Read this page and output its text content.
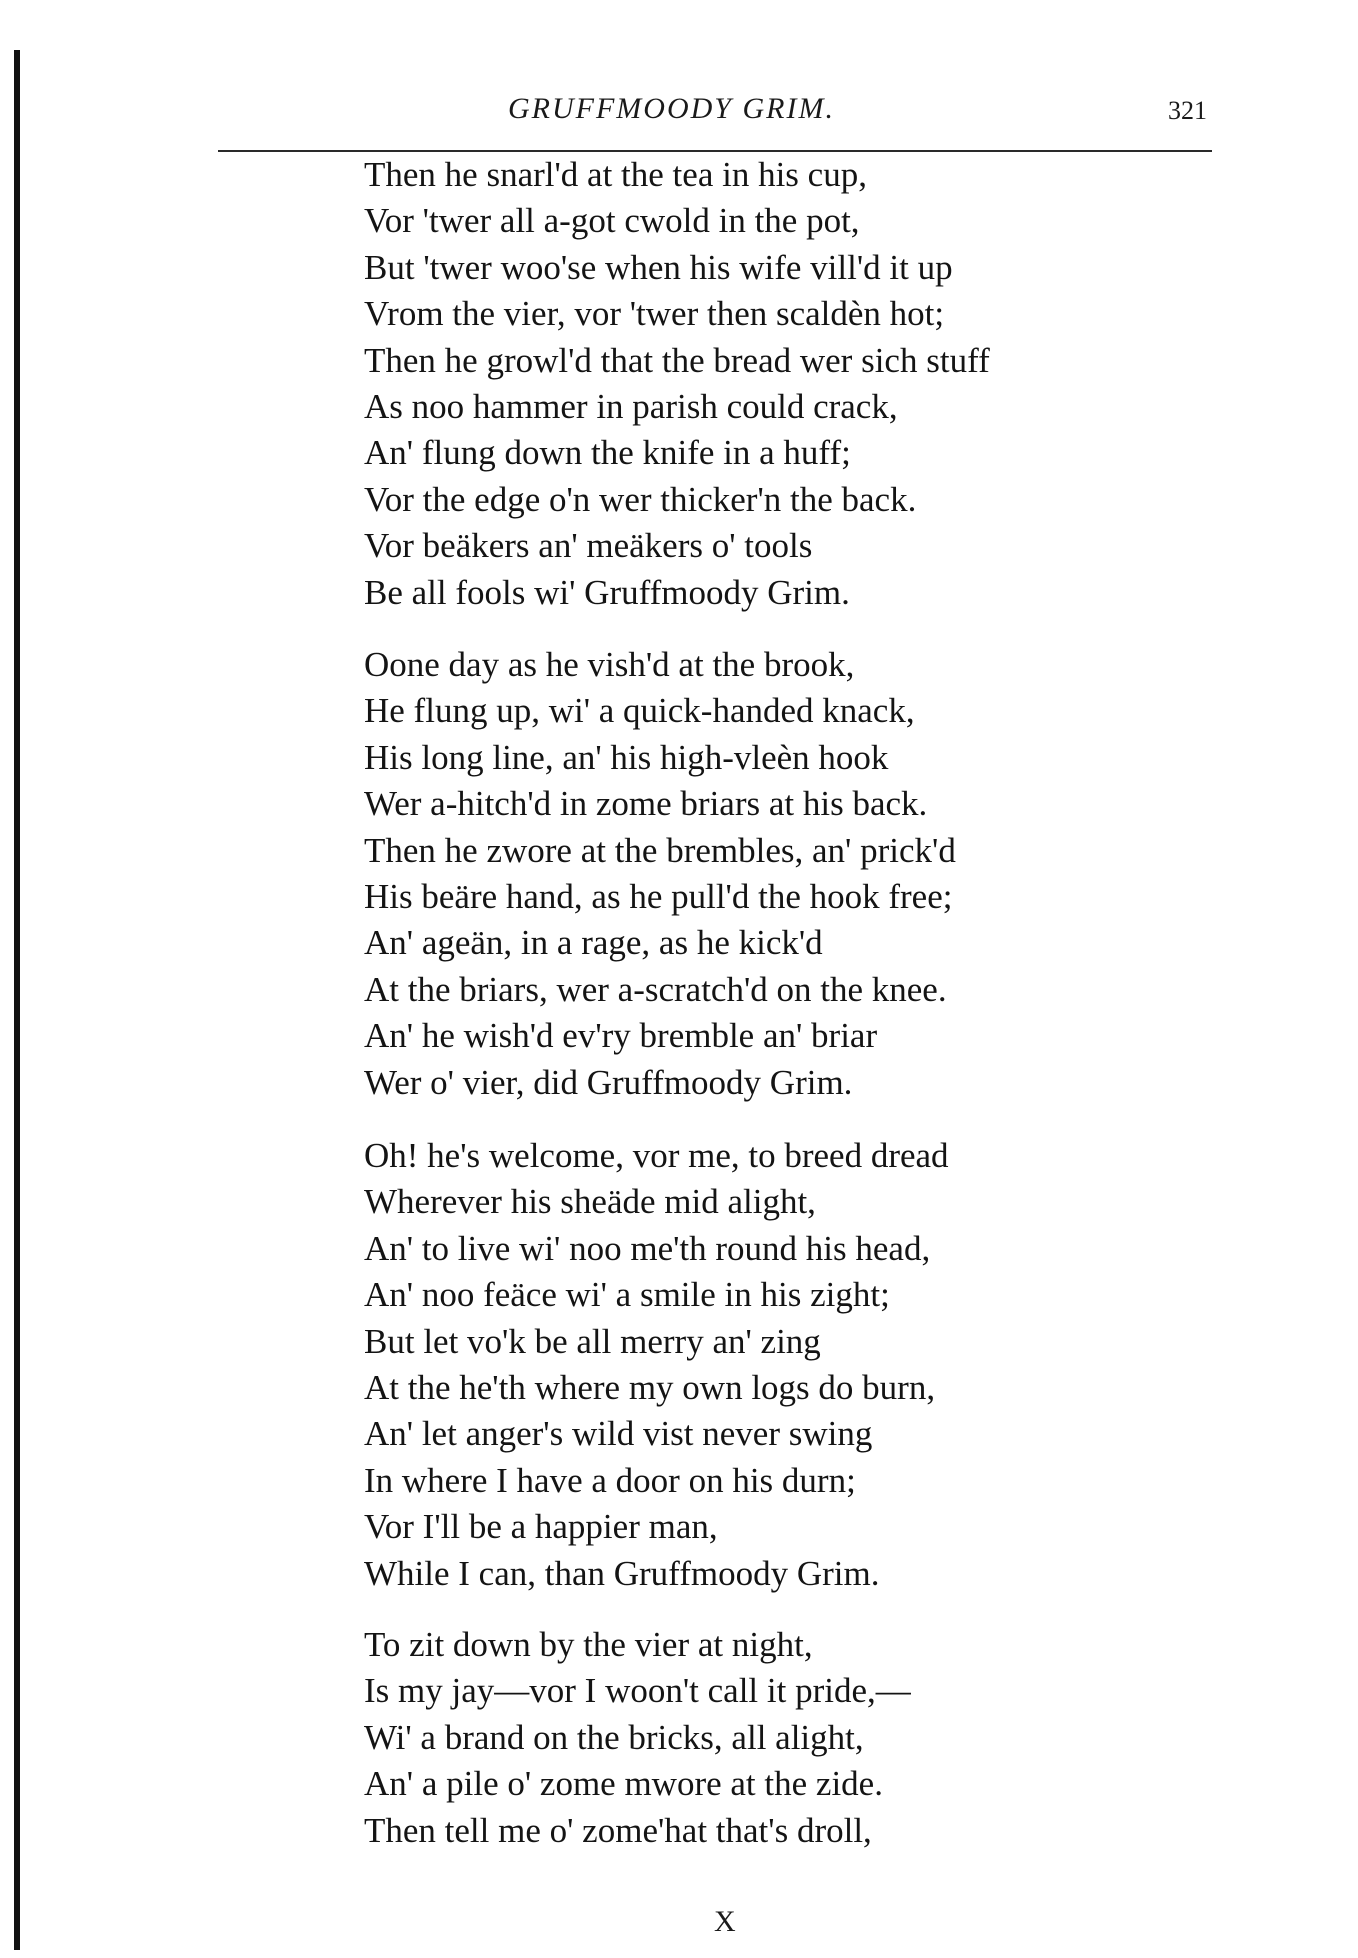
GRUFFMOODY GRIM.	321
Then he snarl'd at the tea in his cup,
Vor 'twer all a-got cwold in the pot,
But 'twer woo'se when his wife vill'd it up
Vrom the vier, vor 'twer then scaldèn hot;
Then he growl'd that the bread wer sich stuff
As noo hammer in parish could crack,
An' flung down the knife in a huff;
Vor the edge o'n wer thicker'n the back.
Vor beäkers an' meäkers o' tools
Be all fools wi' Gruffmoody Grim.
Oone day as he vish'd at the brook,
He flung up, wi' a quick-handed knack,
His long line, an' his high-vleèn hook
Wer a-hitch'd in zome briars at his back.
Then he zwore at the brembles, an' prick'd
His beäre hand, as he pull'd the hook free;
An' ageän, in a rage, as he kick'd
At the briars, wer a-scratch'd on the knee.
An' he wish'd ev'ry bremble an' briar
Wer o' vier, did Gruffmoody Grim.
Oh! he's welcome, vor me, to breed dread
Wherever his sheäde mid alight,
An' to live wi' noo me'th round his head,
An' noo feäce wi' a smile in his zight;
But let vo'k be all merry an' zing
At the he'th where my own logs do burn,
An' let anger's wild vist never swing
In where I have a door on his durn;
Vor I'll be a happier man,
While I can, than Gruffmoody Grim.
To zit down by the vier at night,
Is my jay—vor I woon't call it pride,—
Wi' a brand on the bricks, all alight,
An' a pile o' zome mwore at the zide.
Then tell me o' zome'hat that's droll,
X
